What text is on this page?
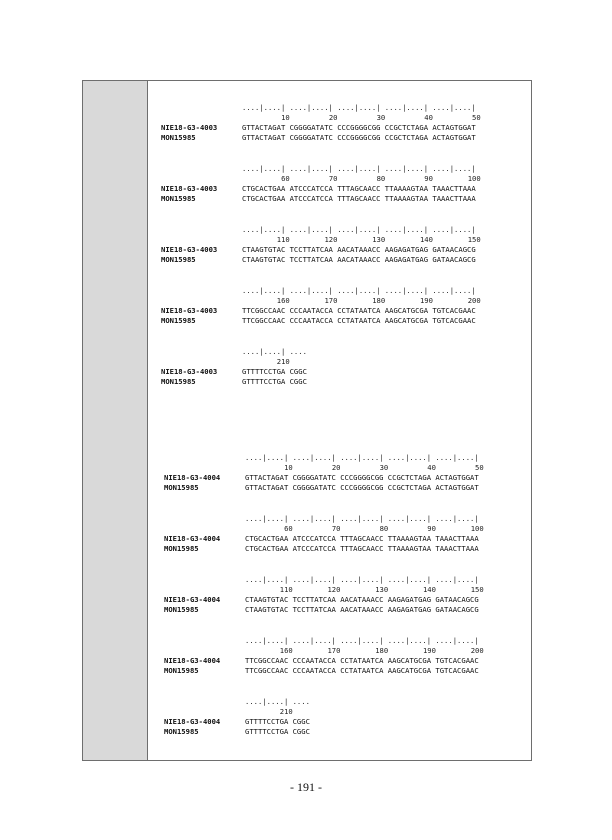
....|....| ....|....| ....|....| ....|....| ....|....|
10	20	30	40	50
NIE18-G3-4003	GTTACTAGAT CGGGGATATC CCCGGGGCGG CCGCTCTAGA ACTAGTGGAT
MON15985	GTTACTAGAT CGGGGATATC CCCGGGGCGG CCGCTCTAGA ACTAGTGGAT
....|....| ....|....| ....|....| ....|....| ....|....|
60	70	80	90	100
NIE18-G3-4003	CTGCACTGAA ATCCCATCCA TTTAGCAACC TTAAAAGTAA TAAACTTAAA
MON15985	CTGCACTGAA ATCCCATCCA TTTAGCAACC TTAAAAGTAA TAAACTTAAA
....|....| ....|....| ....|....| ....|....| ....|....|
110	120	130	140	150
NIE18-G3-4003	CTAAGTGTAC TCCTTATCAA AACATAAACC AAGAGATGAG GATAACAGCG
MON15985	CTAAGTGTAC TCCTTATCAA AACATAAACC AAGAGATGAG GATAACAGCG
....|....| ....|....| ....|....| ....|....| ....|....|
160	170	180	190	200
NIE18-G3-4003	TTCGGCCAAC CCCAATACCA CCTATAATCA AAGCATGCGA TGTCACGAAC
MON15985	TTCGGCCAAC CCCAATACCA CCTATAATCA AAGCATGCGA TGTCACGAAC
....|....| ....
210
NIE18-G3-4003	GTTTTCCTGA CGGC
MON15985	GTTTTCCTGA CGGC
....|....| ....|....| ....|....| ....|....| ....|....|
10	20	30	40	50
NIE18-G3-4004	GTTACTAGAT CGGGGATATC CCCGGGGCGG CCGCTCTAGA ACTAGTGGAT
MON15985	GTTACTAGAT CGGGGATATC CCCGGGGCGG CCGCTCTAGA ACTAGTGGAT
....|....| ....|....| ....|....| ....|....| ....|....|
60	70	80	90	100
NIE18-G3-4004	CTGCACTGAA ATCCCATCCA TTTAGCAACC TTAAAAGTAA TAAACTTAAA
MON15985	CTGCACTGAA ATCCCATCCA TTTAGCAACC TTAAAAGTAA TAAACTTAAA
....|....| ....|....| ....|....| ....|....| ....|....|
110	120	130	140	150
NIE18-G3-4004	CTAAGTGTAC TCCTTATCAA AACATAAACC AAGAGATGAG GATAACAGCG
MON15985	CTAAGTGTAC TCCTTATCAA AACATAAACC AAGAGATGAG GATAACAGCG
....|....| ....|....| ....|....| ....|....| ....|....|
160	170	180	190	200
NIE18-G3-4004	TTCGGCCAAC CCCAATACCA CCTATAATCA AAGCATGCGA TGTCACGAAC
MON15985	TTCGGCCAAC CCCAATACCA CCTATAATCA AAGCATGCGA TGTCACGAAC
....|....| ....
210
NIE18-G3-4004	GTTTTCCTGA CGGC
MON15985	GTTTTCCTGA CGGC
- 191 -
